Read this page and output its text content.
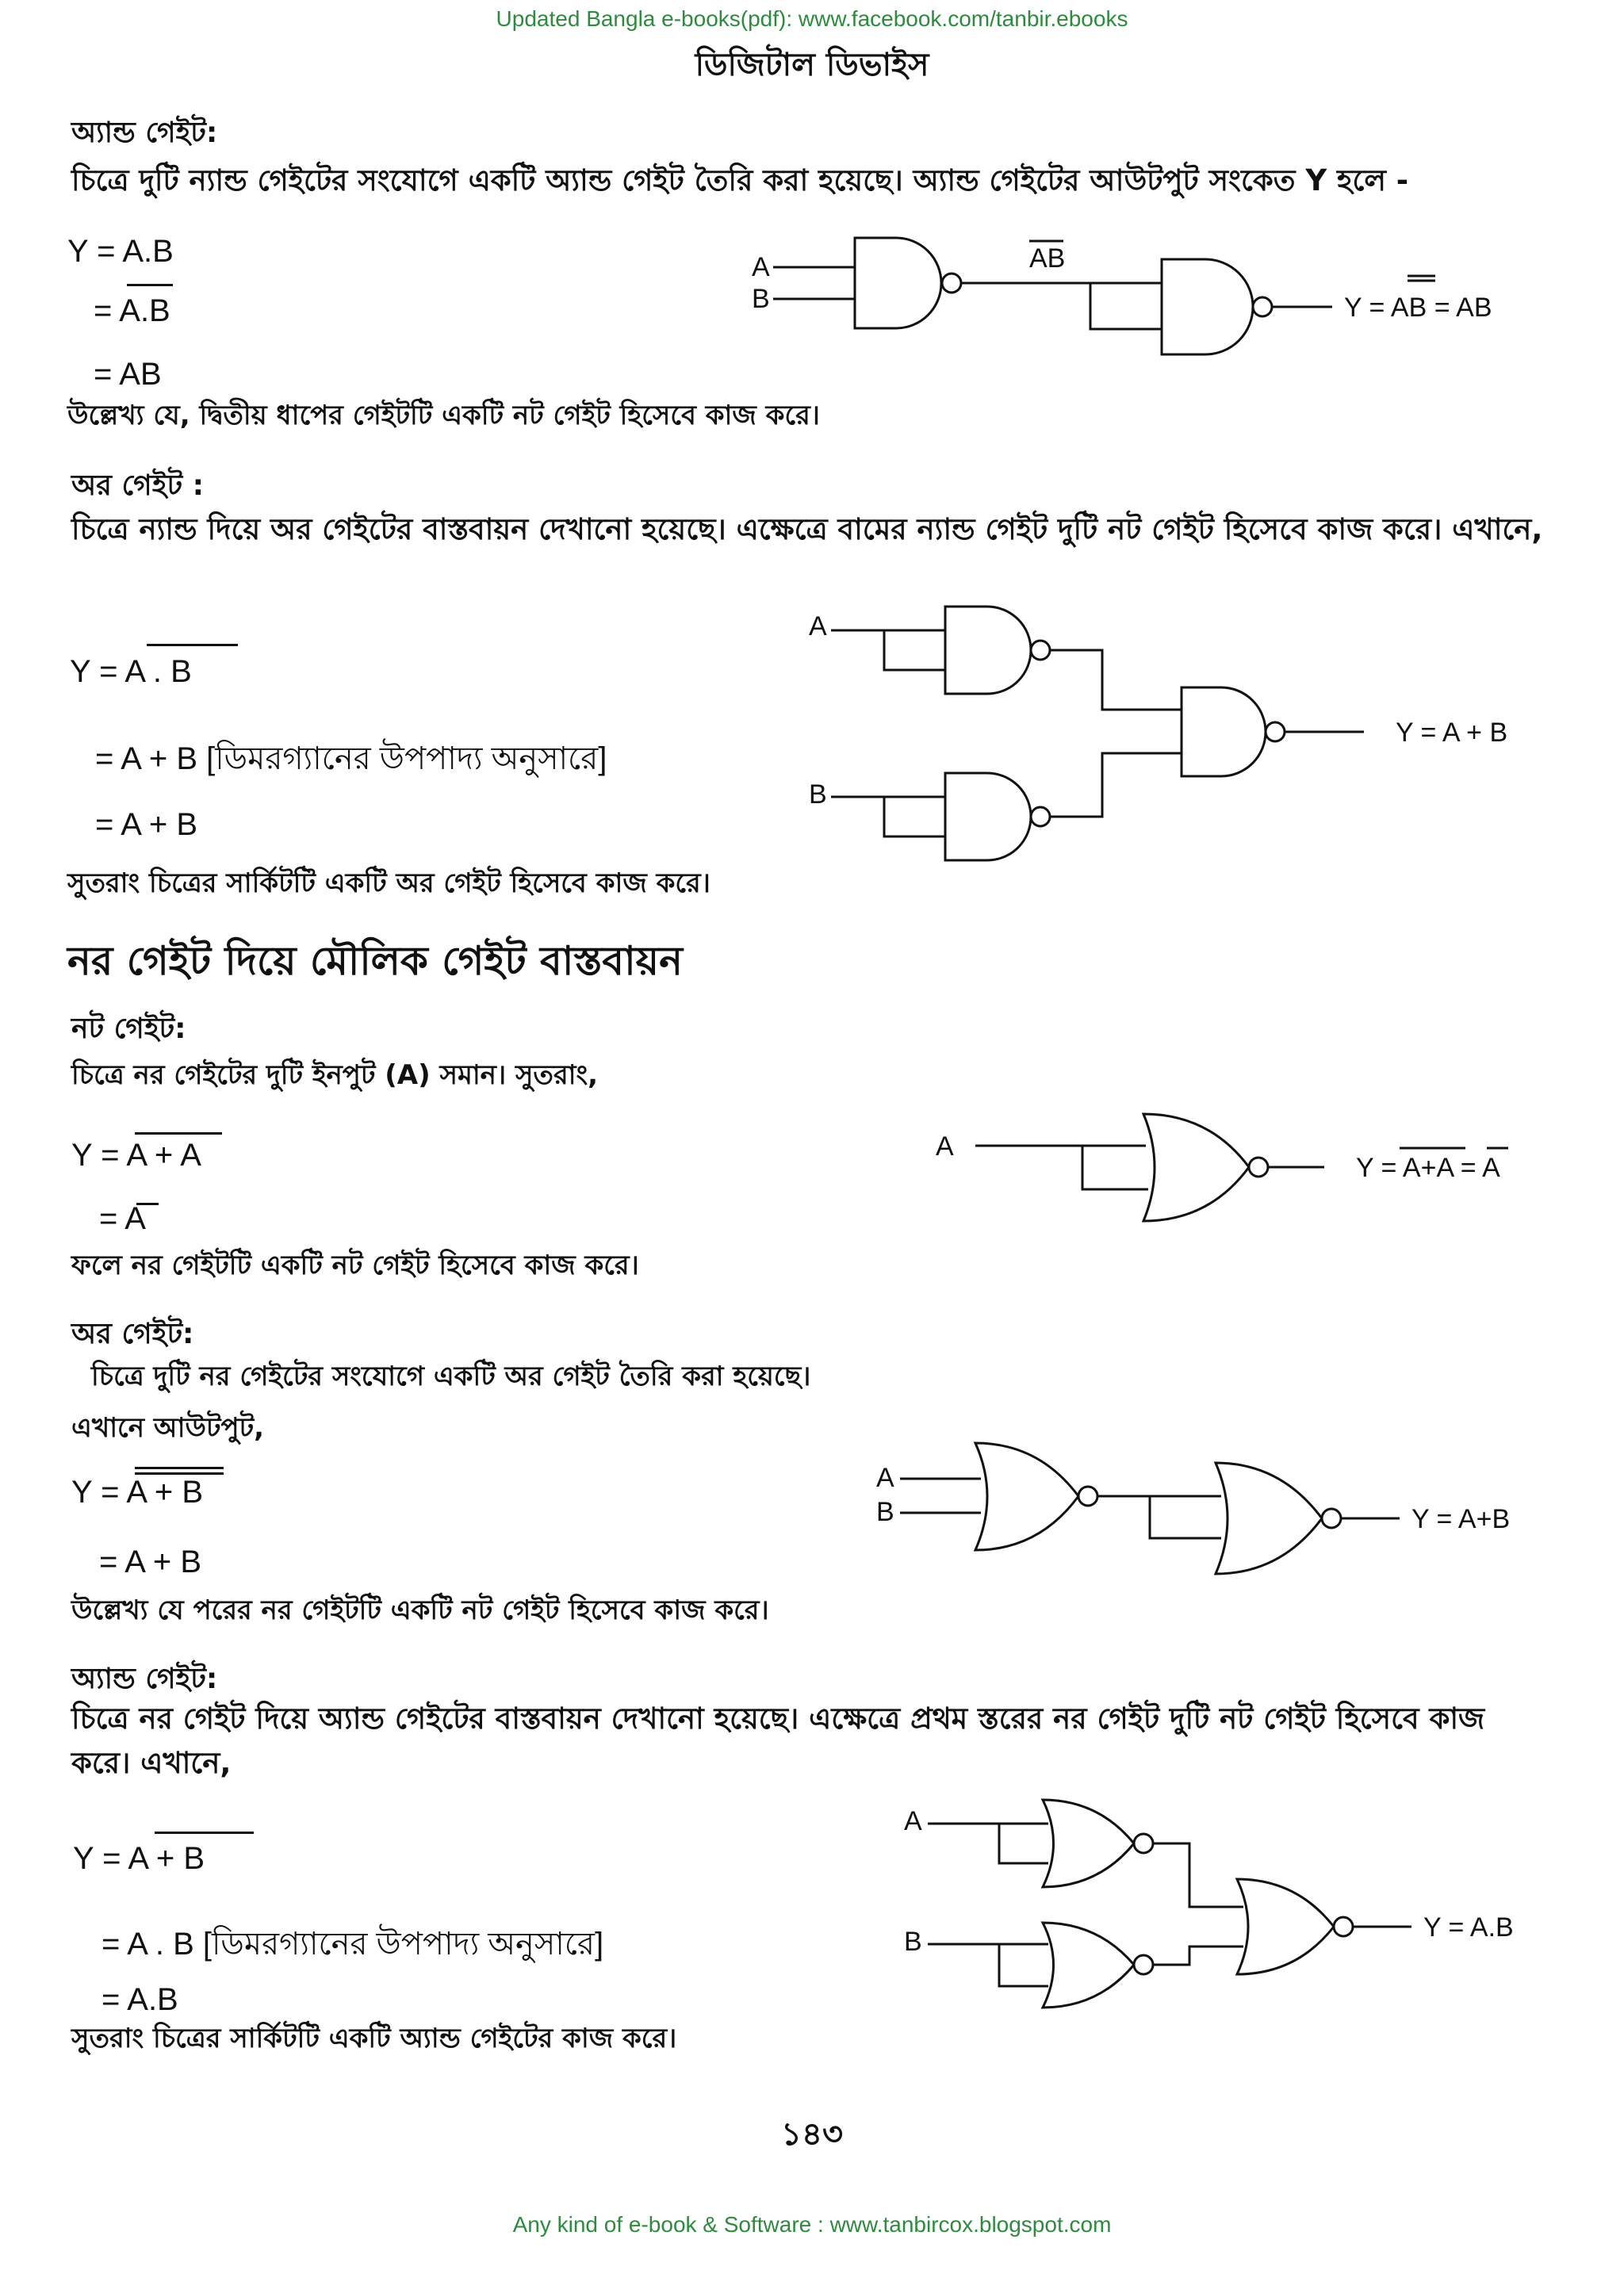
Updated Bangla e-books(pdf): www.facebook.com/tanbir.ebooks
ডিজিটাল ডিভাইস
অ্যান্ড গেইট:
চিত্রে দুটি ন্যান্ড গেইটের সংযোগে একটি অ্যান্ড গেইট তৈরি করা হয়েছে। অ্যান্ড গেইটের আউটপুট সংকেত Y হলে -
Y = A.B
= A.B
= AB
A
B
AB
Y = AB = AB
উল্লেখ্য যে, দ্বিতীয় ধাপের গেইটটি একটি নট গেইট হিসেবে কাজ করে।
অর গেইট :
চিত্রে ন্যান্ড দিয়ে অর গেইটের বাস্তবায়ন দেখানো হয়েছে। এক্ষেত্রে বামের ন্যান্ড গেইট দুটি নট গেইট হিসেবে কাজ করে। এখানে,
Y = A . B
= A + B [ডিমরগ্যানের উপপাদ্য অনুসারে]
= A + B
A
B
Y = A + B
সুতরাং চিত্রের সার্কিটটি একটি অর গেইট হিসেবে কাজ করে।
নর গেইট দিয়ে মৌলিক গেইট বাস্তবায়ন
নট গেইট:
চিত্রে নর গেইটের দুটি ইনপুট (A) সমান। সুতরাং,
Y = A + A
= A
A
Y = A+A = A
ফলে নর গেইটটি একটি নট গেইট হিসেবে কাজ করে।
অর গেইট:
চিত্রে দুটি নর গেইটের সংযোগে একটি অর গেইট তৈরি করা হয়েছে।
এখানে আউটপুট,
Y = A + B
= A + B
A
B	Y = A+B
উল্লেখ্য যে পরের নর গেইটটি একটি নট গেইট হিসেবে কাজ করে।
অ্যান্ড গেইট:
চিত্রে নর গেইট দিয়ে অ্যান্ড গেইটের বাস্তবায়ন দেখানো হয়েছে। এক্ষেত্রে প্রথম স্তরের নর গেইট দুটি নট গেইট হিসেবে কাজ করে। এখানে,
Y = A + B
= A . B [ডিমরগ্যানের উপপাদ্য অনুসারে]
= A.B
A
B	Y = A.B
সুতরাং চিত্রের সার্কিটটি একটি অ্যান্ড গেইটের কাজ করে।
১৪৩
Any kind of e-book & Software : www.tanbircox.blogspot.com
